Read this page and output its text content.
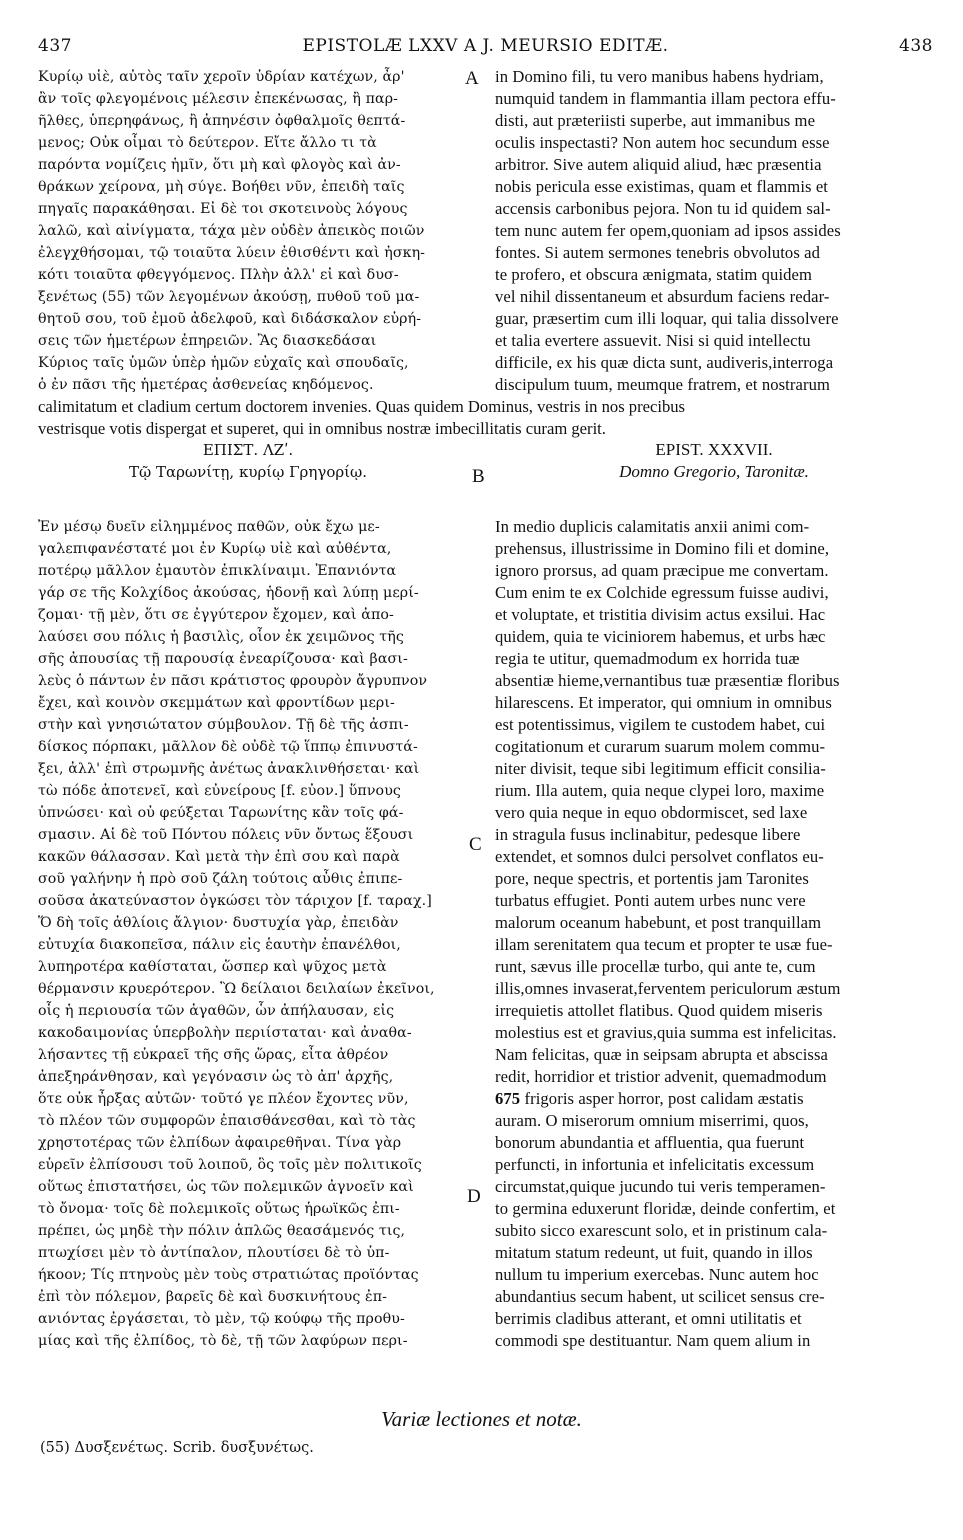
437	EPISTOLÆ LXXV A J. MEURSIO EDITÆ.	438
Κυρίῳ υἱὲ, αὐτὸς ταῖν χεροῖν ὑδρίαν κατέχων, ἆρ'
ἂν τοῖς φλεγομένοις μέλεσιν ἐπεκένωσας, ἢ παρ-
ῆλθες, ὑπερηφάνως, ἢ ἀπηνέσιν ὀφθαλμοῖς θεπτά-
μενος; Οὐκ οἶμαι τὸ δεύτερον. Εἴτε ἄλλο τι τὰ
παρόντα νομίζεις ἡμῖν, ὅτι μὴ καὶ φλογὸς καὶ ἀν-
θράκων χείρονα, μὴ σύγε. Βοήθει νῦν, ἐπειδὴ ταῖς
πηγαῖς παρακάθησαι. Εἰ δὲ τοι σκοτεινοὺς λόγους
λαλῶ, καὶ αἰνίγματα, τάχα μὲν οὐδὲν ἀπεικὸς ποιῶν
ἐλεγχθήσομαι, τῷ τοιαῦτα λύειν ἐθισθέντι καὶ ἠσκη-
κότι τοιαῦτα φθεγγόμενος. Πλὴν ἀλλ' εἰ καὶ δυσ-
ξενέτως (55) τῶν λεγομένων ἀκούσῃ, πυθοῦ τοῦ μα-
θητοῦ σου, τοῦ ἐμοῦ ἀδελφοῦ, καὶ διδάσκαλον εὑρή-
σεις τῶν ἡμετέρων ἐπηρειῶν. Ἂς διασκεδάσαι
Κύριος ταῖς ὑμῶν ὑπὲρ ἡμῶν εὐχαῖς καὶ σπουδαῖς,
ὁ ἐν πᾶσι τῆς ἡμετέρας ἀσθενείας κηδόμενος.
in Domino fili, tu vero manibus habens hydriam,
numquid tandem in flammantia illam pectora effu-
disti, aut præteriisti superbe, aut immanibus me
oculis inspectasti? Non autem hoc secundum esse
arbitror. Sive autem aliquid aliud, hæc præsentia
nobis pericula esse existimas, quam et flammis et
accensis carbonibus pejora. Non tu id quidem sal-
tem nunc autem fer opem,quoniam ad ipsos assides
fontes. Si autem sermones tenebris obvolutos ad
te profero, et obscura ænigmata, statim quidem
vel nihil dissentaneum et absurdum faciens redar-
guar, præsertim cum illi loquar, qui talia dissolvere
et talia evertere assuevit. Nisi si quid intellectu
difficile, ex his quæ dicta sunt, audiveris,interroga
discipulum tuum, meumque fratrem, et nostrarum
A
calimitatum et cladium certum doctorem invenies. Quas quidem Dominus, vestris in nos precibus
vestrisque votis dispergat et superet, qui in omnibus nostræ imbecillitatis curam gerit.
ΕΠΙΣΤ. ΛΖʹ.
Τῷ Ταρωνίτῃ, κυρίῳ Γρηγορίῳ.	B
EPIST. XXXVII.
Domno Gregorio, Taronitæ.
Ἐν μέσῳ δυεῖν εἰλημμένος παθῶν, οὐκ ἔχω με-
γαλεπιφανέστατέ μοι ἐν Κυρίῳ υἱὲ καὶ αὐθέντα,
ποτέρῳ μᾶλλον ἐμαυτὸν ἐπικλίναιμι. Ἐπανιόντα
γάρ σε τῆς Κολχίδος ἀκούσας, ἡδονῇ καὶ λύπῃ μερί-
ζομαι· τῇ μὲν, ὅτι σε ἐγγύτερον ἔχομεν, καὶ ἀπο-
λαύσει σου πόλις ἡ βασιλὶς, οἷον ἐκ χειμῶνος τῆς
σῆς ἀπουσίας τῇ παρουσίᾳ ἐνεαρίζουσα· καὶ βασι-
λεὺς ὁ πάντων ἐν πᾶσι κράτιστος φρουρὸν ἄγρυπνον
ἔχει, καὶ κοινὸν σκεμμάτων καὶ φροντίδων μερι-
στὴν καὶ γνησιώτατον σύμβουλον. Τῇ δὲ τῆς ἀσπι-
δίσκος πόρπακι, μᾶλλον δὲ οὐδὲ τῷ ἵππῳ ἐπινυστά-
ξει, ἀλλ' ἐπὶ στρωμνῆς ἀνέτως ἀνακλινθήσεται· καὶ
τὼ πόδε ἀποτενεῖ, καὶ εὐνείρους [f. εὐον.] ὕπνους
ὑπνώσει· καὶ οὐ φεύξεται Ταρωνίτης κἂν τοῖς φά-
σμασιν. Αἱ δὲ τοῦ Πόντου πόλεις νῦν ὄντως ἕξουσι
κακῶν θάλασσαν. Καὶ μετὰ τὴν ἐπὶ σου καὶ παρὰ
σοῦ γαλήνην ἡ πρὸ σοῦ ζάλη τούτοις αὖθις ἐπιπε-
σοῦσα ἀκατεύναστον ὀγκώσει τὸν τάριχον [f. ταραχ.]
Ὅ δὴ τοῖς ἀθλίοις ἄλγιον· δυστυχία γὰρ, ἐπειδὰν
εὐτυχία διακοπεῖσα, πάλιν εἰς ἑαυτὴν ἐπανέλθοι,
λυπηροτέρα καθίσταται, ὥσπερ καὶ ψῦχος μετὰ
θέρμανσιν κρυερότερον. Ὢ δείλαιοι δειλαίων ἐκεῖνοι,
οἷς ἡ περιουσία τῶν ἀγαθῶν, ὧν ἀπήλαυσαν, εἰς
κακοδαιμονίας ὑπερβολὴν περιίσταται· καὶ ἀναθα-
λήσαντες τῇ εὐκραεῖ τῆς σῆς ὥρας, εἶτα ἀθρέον
ἀπεξηράνθησαν, καὶ γεγόνασιν ὡς τὸ ἀπ' ἀρχῆς,
ὅτε οὐκ ἦρξας αὐτῶν· τοῦτό γε πλέον ἔχοντες νῦν,
τὸ πλέον τῶν συμφορῶν ἐπαισθάνεσθαι, καὶ τὸ τὰς
χρηστοτέρας τῶν ἐλπίδων ἀφαιρεθῆναι. Τίνα γὰρ
εὑρεῖν ἐλπίσουσι τοῦ λοιποῦ, ὃς τοῖς μὲν πολιτικοῖς
οὕτως ἐπιστατήσει, ὡς τῶν πολεμικῶν ἀγνοεῖν καὶ
τὸ ὄνομα· τοῖς δὲ πολεμικοῖς οὕτως ἡρωϊκῶς ἐπι-
πρέπει, ὡς μηδὲ τὴν πόλιν ἁπλῶς θεασάμενός τις,
πτωχίσει μὲν τὸ ἀντίπαλον, πλουτίσει δὲ τὸ ὑπ-
ήκοον; Τίς πτηνοὺς μὲν τοὺς στρατιώτας προϊόντας
ἐπὶ τὸν πόλεμον, βαρεῖς δὲ καὶ δυσκινήτους ἐπ-
ανιόντας ἐργάσεται, τὸ μὲν, τῷ κούφῳ τῆς προθυ-
μίας καὶ τῆς ἐλπίδος, τὸ δὲ, τῇ τῶν λαφύρων περι-
In medio duplicis calamitatis anxii animi com-
prehensus, illustrissime in Domino fili et domine,
ignoro prorsus, ad quam præcipue me convertam.
Cum enim te ex Colchide egressum fuisse audivi,
et voluptate, et tristitia divisim actus exsilui. Hac
quidem, quia te viciniorem habemus, et urbs hæc
regia te utitur, quemadmodum ex horrida tuæ
absentiæ hieme,vernantibus tuæ præsentiæ floribus
hilarescens. Et imperator, qui omnium in omnibus
est potentissimus, vigilem te custodem habet, cui
cogitationum et curarum suarum molem commu-
niter divisit, teque sibi legitimum efficit consilia-
rium. Illa autem, quia neque clypei loro, maxime
vero quia neque in equo obdormiscet, sed laxe
in stragula fusus inclinabitur, pedesque libere
extendet, et somnos dulci persolvet conflatos eu-
pore, neque spectris, et portentis jam Taronites
turbatus effugiet. Ponti autem urbes nunc vere
malorum oceanum habebunt, et post tranquillam
illam serenitatem qua tecum et propter te usæ fue-
runt, sævus ille procellæ turbo, qui ante te, cum
illis,omnes invaserat,ferventem periculorum æstum
irrequietis attollet flatibus. Quod quidem miseris
molestius est et gravius,quia summa est infelicitas.
Nam felicitas, quæ in seipsam abrupta et abscissa
redit, horridior et tristior advenit, quemadmodum
675 frigoris asper horror, post calidam æstatis
auram. O miserorum omnium miserrimi, quos,
bonorum abundantia et affluentia, qua fuerunt
perfuncti, in infortunia et infelicitatis excessum
circumstat,quique jucundo tui veris temperamen-
to germina eduxerunt floridæ, deinde confertim, et
subito sicco exarescunt solo, et in pristinum cala-
mitatum statum redeunt, ut fuit, quando in illos
nullum tu imperium exercebas. Nunc autem hoc
abundantius secum habent, ut scilicet sensus cre-
berrimis cladibus atterant, et omni utilitatis et
commodi spe destituantur. Nam quem alium in
C
D
Variæ lectiones et notæ.
(55) Δυσξενέτως. Scrib. δυσξυνέτως.
